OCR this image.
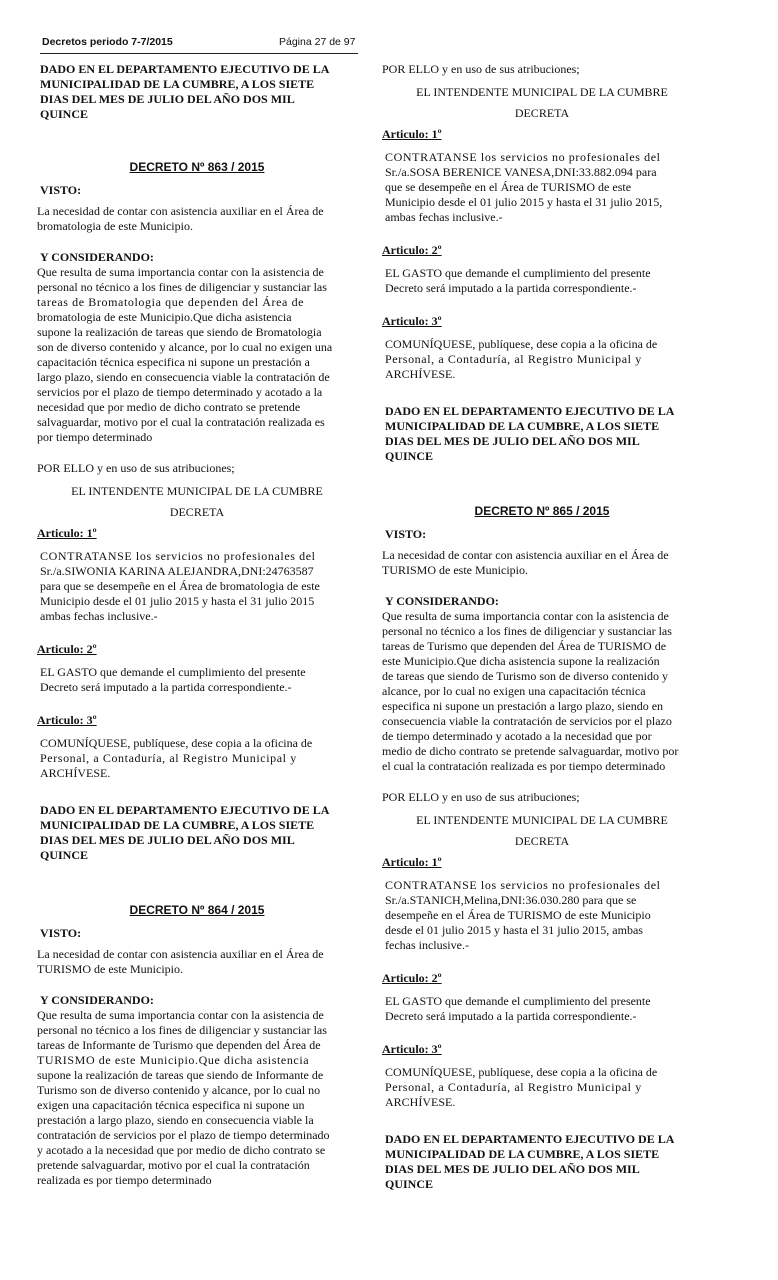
Decretos periodo 7-7/2015	Página 27 de 97

DADO EN EL DEPARTAMENTO EJECUTIVO DE LA

MUNICIPALIDAD DE LA CUMBRE, A LOS SIETE

DIAS DEL MES DE JULIO DEL AÑO DOS MIL

QUINCE

DECRETO Nº 863 / 2015

VISTO:

La necesidad de contar con asistencia auxiliar en el Área de

bromatologia de este Municipio.

Y CONSIDERANDO:

Que resulta de suma importancia contar con la asistencia de

personal no técnico a los fines de diligenciar y sustanciar las

tareas de Bromatologia que dependen del Área de

bromatologia de este Municipio.Que dicha asistencia

supone la realización de tareas que siendo de Bromatologia

son de diverso contenido y alcance, por lo cual no exigen una

capacitación técnica especifica ni supone un prestación a

largo plazo, siendo en consecuencia viable la contratación de

servicios por el plazo de tiempo determinado y acotado a la

necesidad que por medio de dicho contrato se pretende

salvaguardar, motivo por el cual la contratación realizada es

por tiempo determinado

POR ELLO y en uso de sus atribuciones;

EL INTENDENTE MUNICIPAL DE LA CUMBRE

DECRETA

Articulo: 1º

CONTRATANSE los servicios no profesionales del

Sr./a.SIWONIA KARINA ALEJANDRA,DNI:24763587

para que se desempeñe en el Área de bromatologia de este

Municipio desde el 01 julio 2015 y hasta el 31 julio 2015

ambas fechas inclusive.-

Articulo: 2º

EL GASTO que demande el cumplimiento del presente

Decreto será imputado a la partida correspondiente.-

Articulo: 3º

COMUNÍQUESE, publíquese, dese copia a la oficina de

Personal, a Contaduría, al Registro Municipal y

ARCHÍVESE.

DADO EN EL DEPARTAMENTO EJECUTIVO DE LA

MUNICIPALIDAD DE LA CUMBRE, A LOS SIETE

DIAS DEL MES DE JULIO DEL AÑO DOS MIL

QUINCE

DECRETO Nº 864 / 2015

VISTO:

La necesidad de contar con asistencia auxiliar en el Área de

TURISMO de este Municipio.

Y CONSIDERANDO:

Que resulta de suma importancia contar con la asistencia de

personal no técnico a los fines de diligenciar y sustanciar las

tareas de Informante de Turismo que dependen del Área de

TURISMO de este Municipio.Que dicha asistencia

supone la realización de tareas que siendo de Informante de

Turismo son de diverso contenido y alcance, por lo cual no

exigen una capacitación técnica especifica ni supone un

prestación a largo plazo, siendo en consecuencia viable la

contratación de servicios por el plazo de tiempo determinado

y acotado a la necesidad que por medio de dicho contrato se

pretende salvaguardar, motivo por el cual la contratación

realizada es por tiempo determinado

POR ELLO y en uso de sus atribuciones;

EL INTENDENTE MUNICIPAL DE LA CUMBRE

DECRETA

Articulo: 1º

CONTRATANSE los servicios no profesionales del

Sr./a.SOSA BERENICE VANESA,DNI:33.882.094 para

que se desempeñe en el Área de TURISMO de este

Municipio desde el 01 julio 2015 y hasta el 31 julio 2015,

ambas fechas inclusive.-

Articulo: 2º

EL GASTO que demande el cumplimiento del presente

Decreto será imputado a la partida correspondiente.-

Articulo: 3º

COMUNÍQUESE, publíquese, dese copia a la oficina de

Personal, a Contaduría, al Registro Municipal y

ARCHÍVESE.

DADO EN EL DEPARTAMENTO EJECUTIVO DE LA

MUNICIPALIDAD DE LA CUMBRE, A LOS SIETE

DIAS DEL MES DE JULIO DEL AÑO DOS MIL

QUINCE

DECRETO Nº 865 / 2015

VISTO:

La necesidad de contar con asistencia auxiliar en el Área de

TURISMO de este Municipio.

Y CONSIDERANDO:

Que resulta de suma importancia contar con la asistencia de

personal no técnico a los fines de diligenciar y sustanciar las

tareas de Turismo que dependen del Área de TURISMO de

este Municipio.Que dicha asistencia supone la realización

de tareas que siendo de Turismo son de diverso contenido y

alcance, por lo cual no exigen una capacitación técnica

especifica ni supone un prestación a largo plazo, siendo en

consecuencia viable la contratación de servicios por el plazo

de tiempo determinado y acotado a la necesidad que por

medio de dicho contrato se pretende salvaguardar, motivo por

el cual la contratación realizada es por tiempo determinado

POR ELLO y en uso de sus atribuciones;

EL INTENDENTE MUNICIPAL DE LA CUMBRE

DECRETA

Articulo: 1º

CONTRATANSE los servicios no profesionales del

Sr./a.STANICH,Melina,DNI:36.030.280 para que se

desempeñe en el Área de TURISMO de este Municipio

desde el 01 julio 2015 y hasta el 31 julio 2015, ambas

fechas inclusive.-

Articulo: 2º

EL GASTO que demande el cumplimiento del presente

Decreto será imputado a la partida correspondiente.-

Articulo: 3º

COMUNÍQUESE, publíquese, dese copia a la oficina de

Personal, a Contaduría, al Registro Municipal y

ARCHÍVESE.

DADO EN EL DEPARTAMENTO EJECUTIVO DE LA

MUNICIPALIDAD DE LA CUMBRE, A LOS SIETE

DIAS DEL MES DE JULIO DEL AÑO DOS MIL

QUINCE
